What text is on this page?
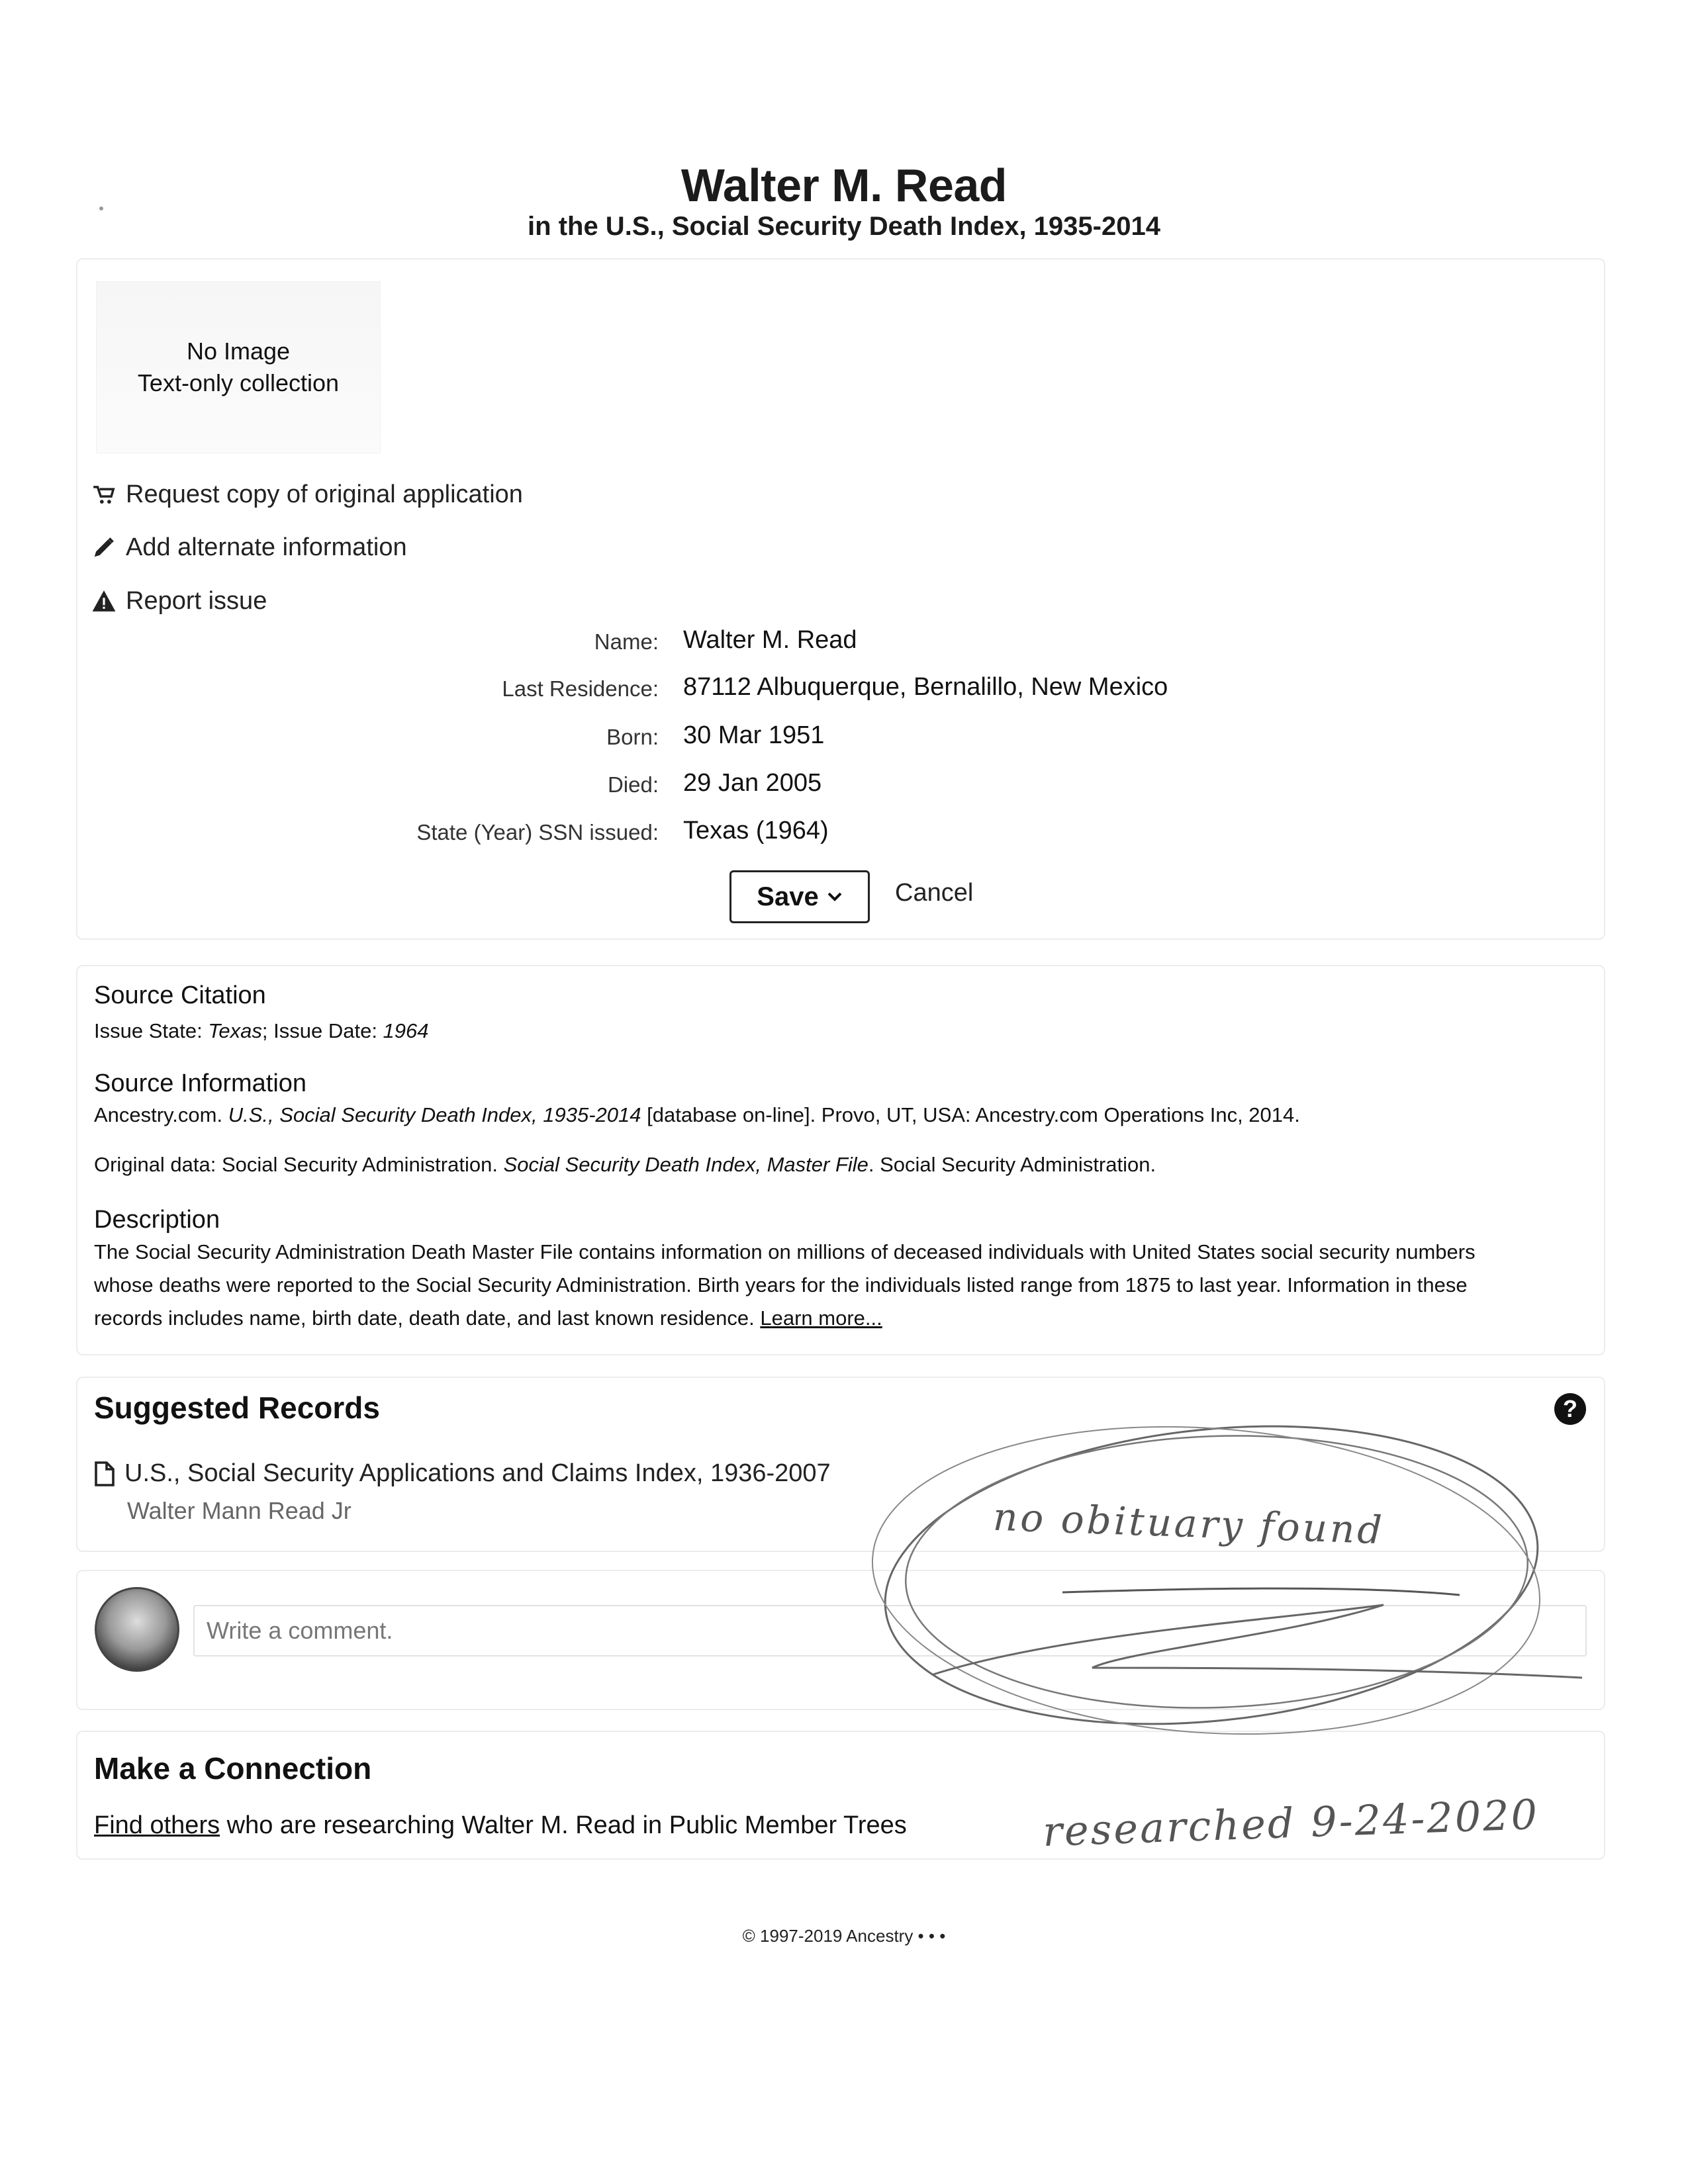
Walter M. Read
in the U.S., Social Security Death Index, 1935-2014
No Image
Text-only collection
Request copy of original application
Add alternate information
Report issue
Name: Walter M. Read
Last Residence: 87112 Albuquerque, Bernalillo, New Mexico
Born: 30 Mar 1951
Died: 29 Jan 2005
State (Year) SSN issued: Texas (1964)
Save	Cancel
Source Citation
Issue State: Texas; Issue Date: 1964
Source Information
Ancestry.com. U.S., Social Security Death Index, 1935-2014 [database on-line]. Provo, UT, USA: Ancestry.com Operations Inc, 2014.
Original data: Social Security Administration. Social Security Death Index, Master File. Social Security Administration.
Description
The Social Security Administration Death Master File contains information on millions of deceased individuals with United States social security numbers
whose deaths were reported to the Social Security Administration. Birth years for the individuals listed range from 1875 to last year. Information in these
records includes name, birth date, death date, and last known residence. Learn more...
Suggested Records	?
U.S., Social Security Applications and Claims Index, 1936-2007
Walter Mann Read Jr
Write a comment.
Make a Connection
Find others who are researching Walter M. Read in Public Member Trees
© 1997-2019 Ancestry • • •
no obituary found
researched 9-24-2020
